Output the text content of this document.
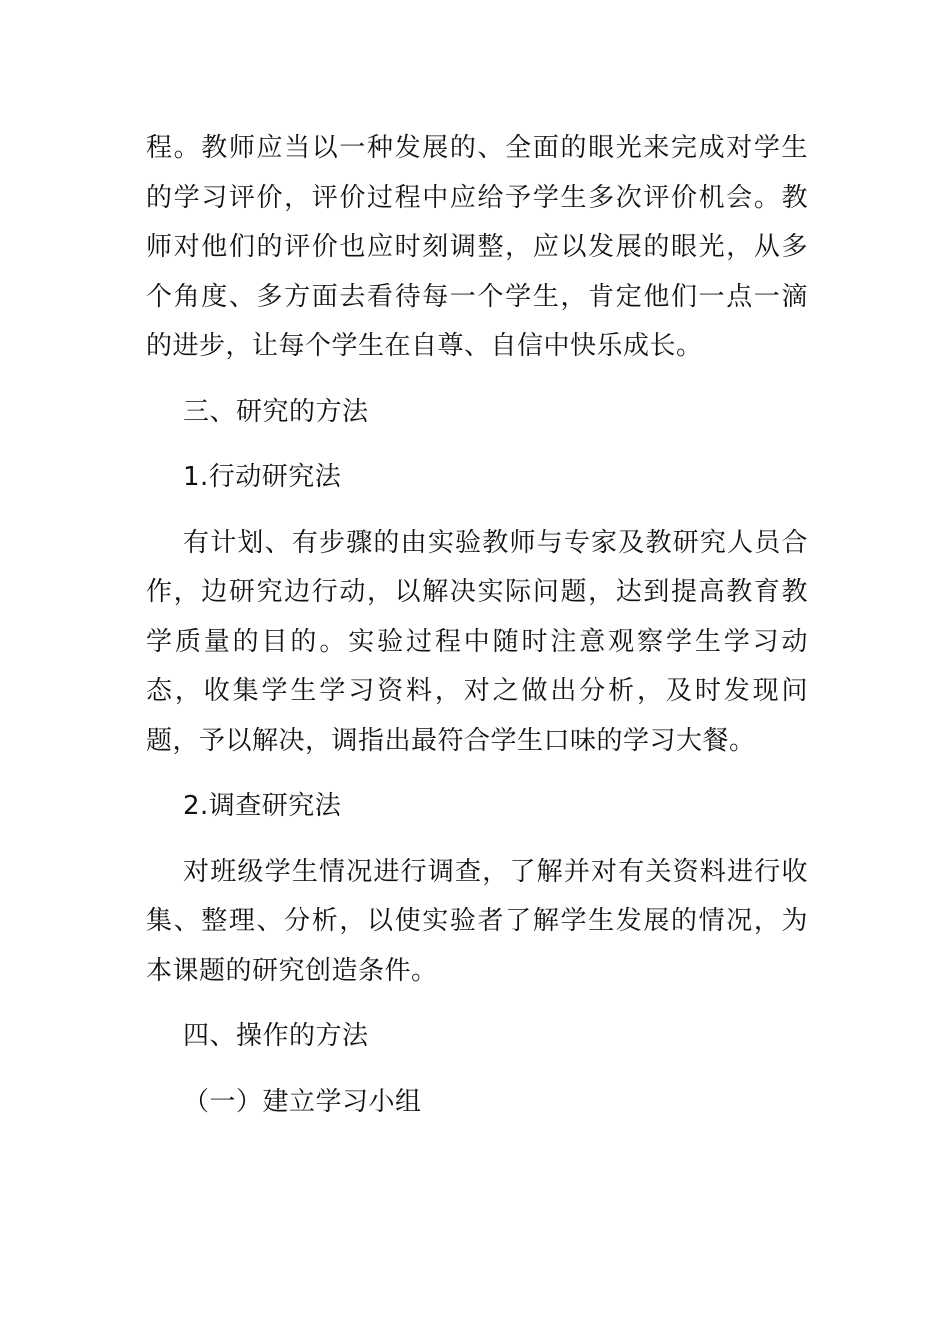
程。教师应当以一种发展的、全面的眼光来完成对学生的学习评价，评价过程中应给予学生多次评价机会。教师对他们的评价也应时刻调整，应以发展的眼光，从多个角度、多方面去看待每一个学生，肯定他们一点一滴的进步，让每个学生在自尊、自信中快乐成长。

三、研究的方法

1.行动研究法

有计划、有步骤的由实验教师与专家及教研究人员合作，边研究边行动，以解决实际问题，达到提高教育教学质量的目的。实验过程中随时注意观察学生学习动态，收集学生学习资料，对之做出分析，及时发现问题，予以解决，调指出最符合学生口味的学习大餐。

2.调查研究法

对班级学生情况进行调查，了解并对有关资料进行收集、整理、分析，以使实验者了解学生发展的情况，为本课题的研究创造条件。

四、操作的方法

（一）建立学习小组
